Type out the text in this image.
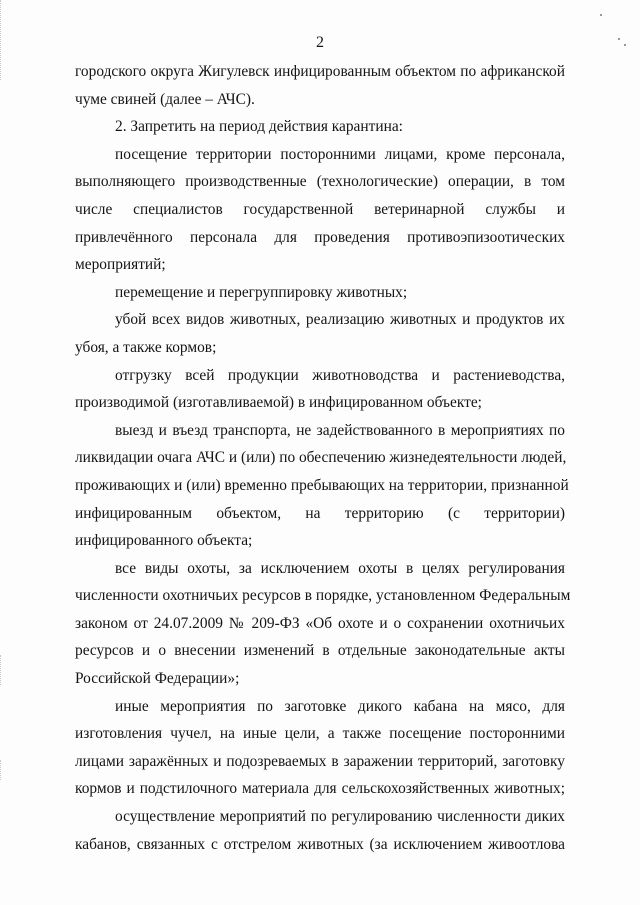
2
городского округа Жигулевск инфицированным объектом по африканской
чуме свиней (далее – АЧС).
2. Запретить на период действия карантина:
посещение территории посторонними лицами, кроме персонала,
выполняющего производственные (технологические) операции, в том
числе специалистов государственной ветеринарной службы и
привлечённого персонала для проведения противоэпизоотических
мероприятий;
перемещение и перегруппировку животных;
убой всех видов животных, реализацию животных и продуктов их
убоя, а также кормов;
отгрузку всей продукции животноводства и растениеводства,
производимой (изготавливаемой) в инфицированном объекте;
выезд и въезд транспорта, не задействованного в мероприятиях по
ликвидации очага АЧС и (или) по обеспечению жизнедеятельности людей,
проживающих и (или) временно пребывающих на территории, признанной
инфицированным объектом, на территорию (с территории)
инфицированного объекта;
все виды охоты, за исключением охоты в целях регулирования
численности охотничьих ресурсов в порядке, установленном Федеральным
законом от 24.07.2009 № 209-ФЗ «Об охоте и о сохранении охотничьих
ресурсов и о внесении изменений в отдельные законодательные акты
Российской Федерации»;
иные мероприятия по заготовке дикого кабана на мясо, для
изготовления чучел, на иные цели, а также посещение посторонними
лицами заражённых и подозреваемых в заражении территорий, заготовку
кормов и подстилочного материала для сельскохозяйственных животных;
осуществление мероприятий по регулированию численности диких
кабанов, связанных с отстрелом животных (за исключением живоотлова
